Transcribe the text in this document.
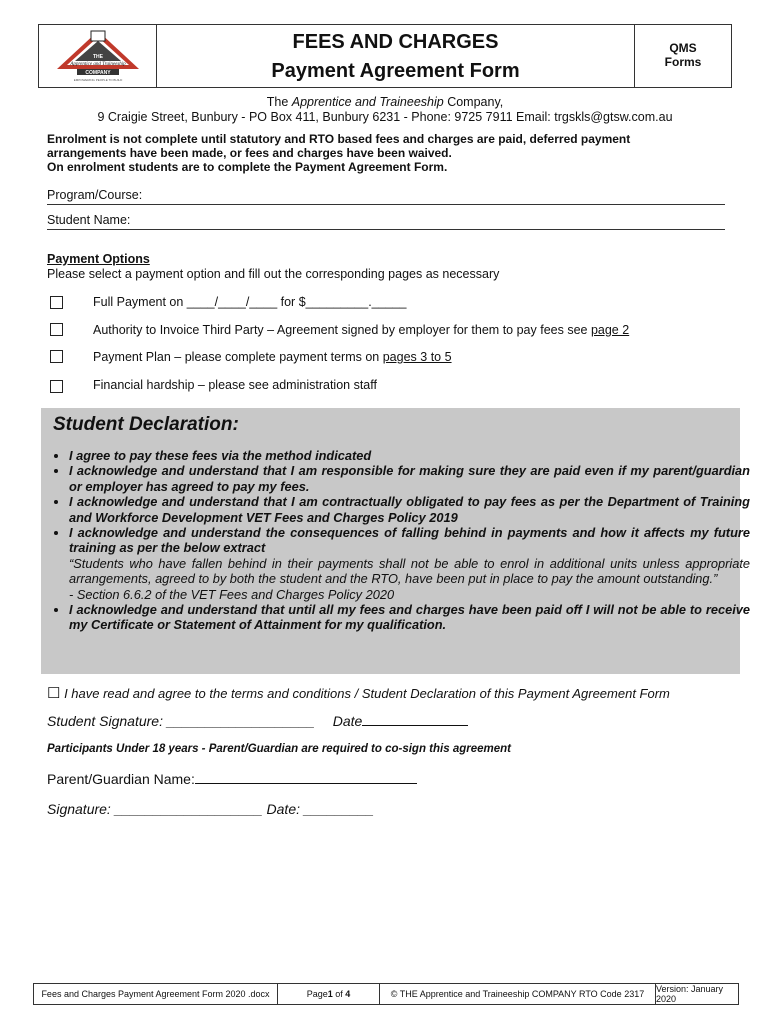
THE
Apprentice and Traineeship
COMPANY
EMPOWERING PEOPLE TO BUILD
FEES AND CHARGES
Payment Agreement Form
QMS
Forms
The Apprentice and Traineeship Company,
9 Craigie Street, Bunbury - PO Box 411, Bunbury 6231 - Phone: 9725 7911 Email: trgskls@gtsw.com.au
Enrolment is not complete until statutory and RTO based fees and charges are paid, deferred payment
arrangements have been made, or fees and charges have been waived.
On enrolment students are to complete the Payment Agreement Form.
Program/Course:
Student Name:
Payment Options
Please select a payment option and fill out the corresponding pages as necessary
Full Payment on ____/____/____ for $_________._____
Authority to Invoice Third Party – Agreement signed by employer for them to pay fees see page 2
Payment Plan – please complete payment terms on pages 3 to 5
Financial hardship – please see administration staff
Student Declaration:
• I agree to pay these fees via the method indicated
• I acknowledge and understand that I am responsible for making sure they are paid even if my parent/guardian or employer has agreed to pay my fees.
• I acknowledge and understand that I am contractually obligated to pay fees as per the Department of Training and Workforce Development VET Fees and Charges Policy 2019
• I acknowledge and understand the consequences of falling behind in payments and how it affects my future training as per the below extract
“Students who have fallen behind in their payments shall not be able to enrol in additional units unless appropriate arrangements, agreed to by both the student and the RTO, have been put in place to pay the amount outstanding.”
- Section 6.6.2 of the VET Fees and Charges Policy 2020
• I acknowledge and understand that until all my fees and charges have been paid off I will not be able to receive my Certificate or Statement of Attainment for my qualification.
☐ I have read and agree to the terms and conditions / Student Declaration of this Payment Agreement Form
Student Signature: ___________________ Date
Participants Under 18 years - Parent/Guardian are required to co-sign this agreement
Parent/Guardian Name:
Signature: ___________________ Date: _________
Fees and Charges Payment Agreement Form 2020 .docx	Page 1 of 4	© THE Apprentice and Traineeship COMPANY RTO Code 2317	Version: January 2020
